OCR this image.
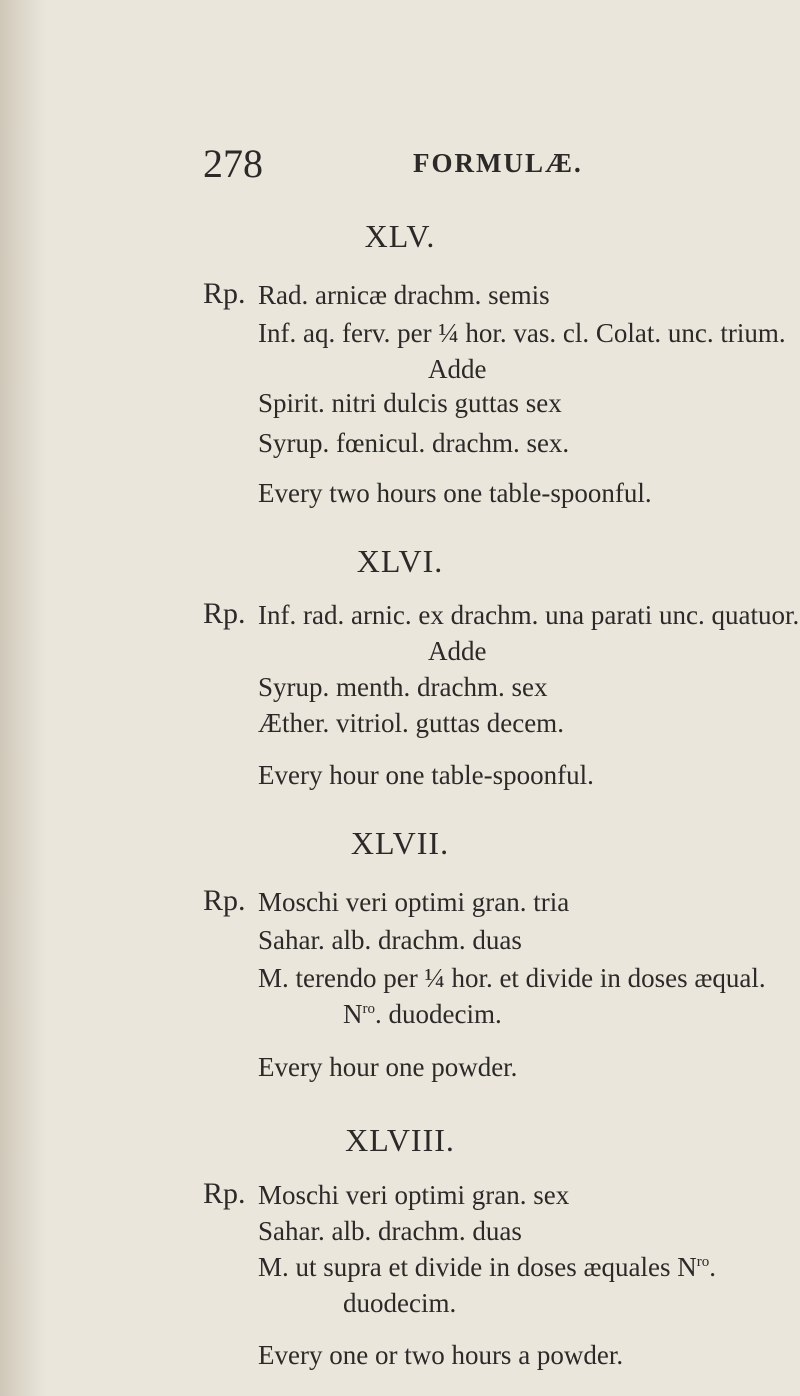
278	FORMULÆ.
XLV.
Rp. Rad. arnicæ drachm. semis
Inf. aq. ferv. per ¼ hor. vas. cl. Colat. unc. trium.
Adde
Spirit. nitri dulcis guttas sex
Syrup. fœnicul. drachm. sex.
Every two hours one table-spoonful.
XLVI.
Rp. Inf. rad. arnic. ex drachm. una parati unc. quatuor.
Adde
Syrup. menth. drachm. sex
Æther. vitriol. guttas decem.
Every hour one table-spoonful.
XLVII.
Rp. Moschi veri optimi gran. tria
Sahar. alb. drachm. duas
M. terendo per ¼ hor. et divide in doses æqual.
$N^{ro}$. duodecim.
Every hour one powder.
XLVIII.
Rp. Moschi veri optimi gran. sex
Sahar. alb. drachm. duas
M. ut supra et divide in doses æquales $N^{ro}$.
duodecim.
Every one or two hours a powder.
